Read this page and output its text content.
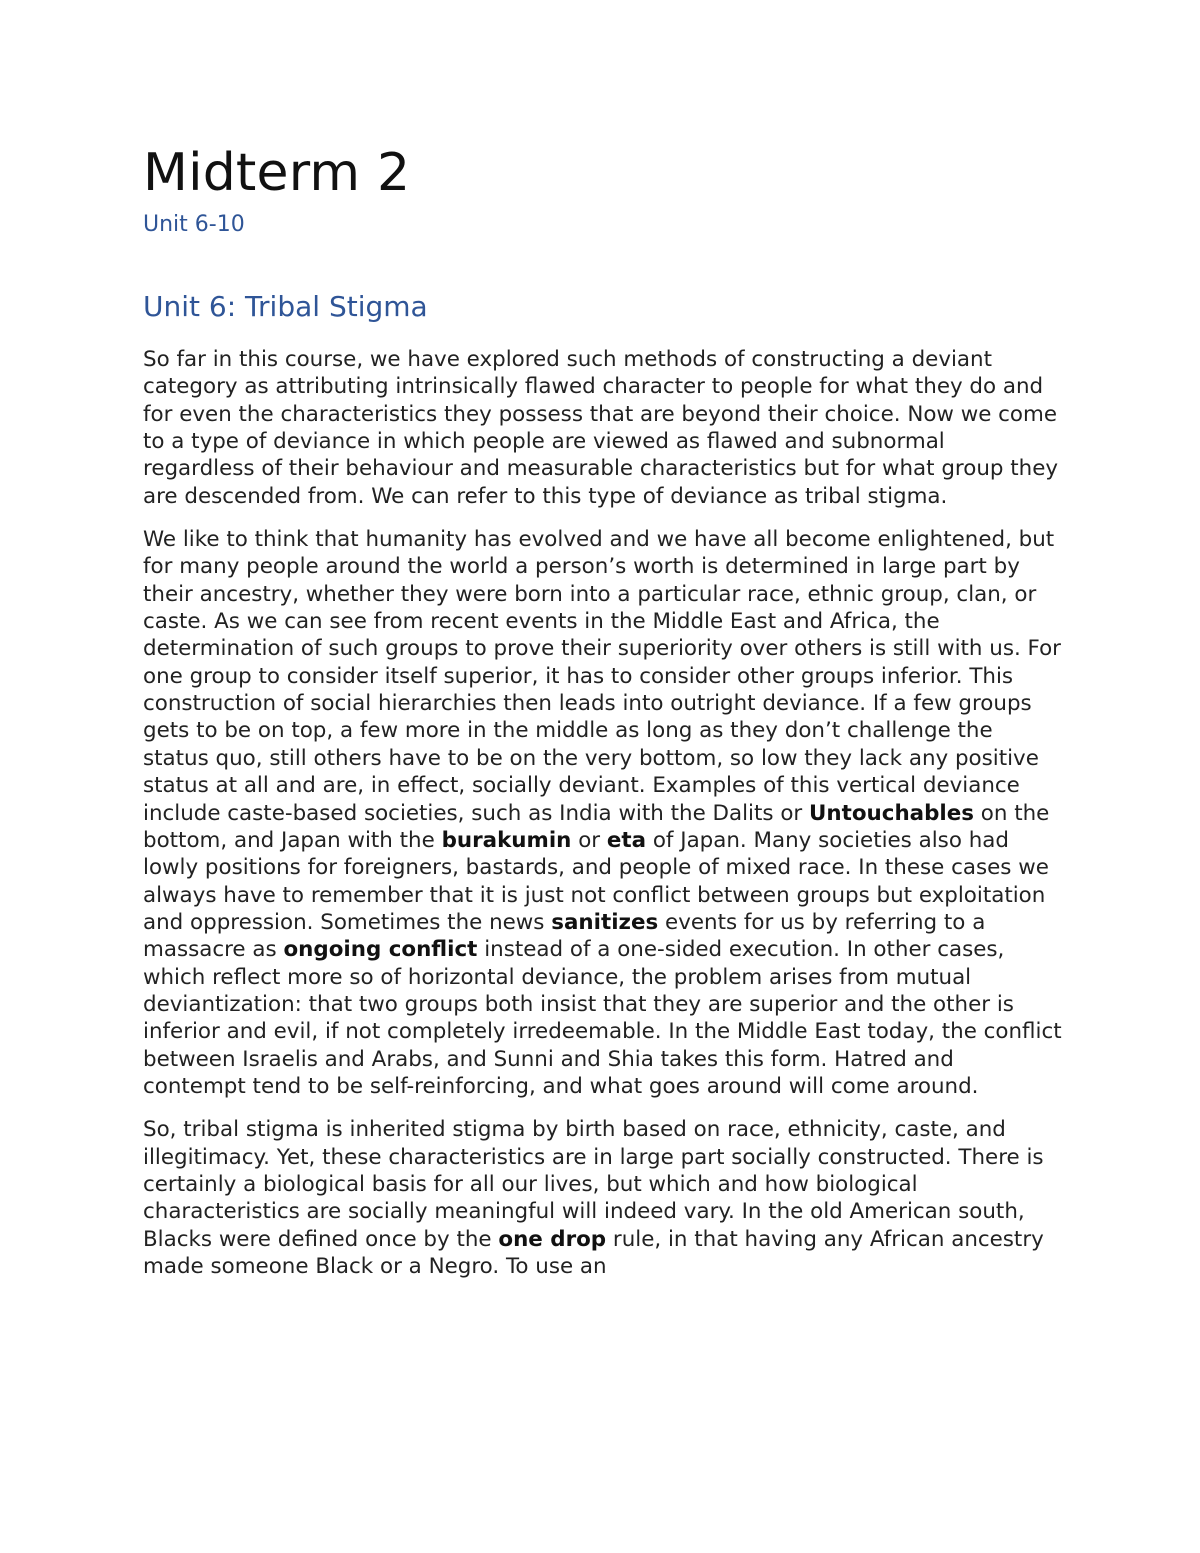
Midterm 2
Unit 6-10
Unit 6: Tribal Stigma

So far in this course, we have explored such methods of constructing a deviant category as attributing intrinsically flawed character to people for what they do and for even the characteristics they possess that are beyond their choice. Now we come to a type of deviance in which people are viewed as flawed and subnormal regardless of their behaviour and measurable characteristics but for what group they are descended from. We can refer to this type of deviance as tribal stigma.

We like to think that humanity has evolved and we have all become enlightened, but for many people around the world a person’s worth is determined in large part by their ancestry, whether they were born into a particular race, ethnic group, clan, or caste. As we can see from recent events in the Middle East and Africa, the determination of such groups to prove their superiority over others is still with us. For one group to consider itself superior, it has to consider other groups inferior. This construction of social hierarchies then leads into outright deviance. If a few groups gets to be on top, a few more in the middle as long as they don’t challenge the status quo, still others have to be on the very bottom, so low they lack any positive status at all and are, in effect, socially deviant. Examples of this vertical deviance include caste-based societies, such as India with the Dalits or Untouchables on the bottom, and Japan with the burakumin or eta of Japan. Many societies also had lowly positions for foreigners, bastards, and people of mixed race. In these cases we always have to remember that it is just not conflict between groups but exploitation and oppression. Sometimes the news sanitizes events for us by referring to a massacre as ongoing conflict instead of a one-sided execution. In other cases, which reflect more so of horizontal deviance, the problem arises from mutual deviantization: that two groups both insist that they are superior and the other is inferior and evil, if not completely irredeemable. In the Middle East today, the conflict between Israelis and Arabs, and Sunni and Shia takes this form. Hatred and contempt tend to be self-reinforcing, and what goes around will come around.

So, tribal stigma is inherited stigma by birth based on race, ethnicity, caste, and illegitimacy. Yet, these characteristics are in large part socially constructed. There is certainly a biological basis for all our lives, but which and how biological characteristics are socially meaningful will indeed vary. In the old American south, Blacks were defined once by the one drop rule, in that having any African ancestry made someone Black or a Negro. To use an
